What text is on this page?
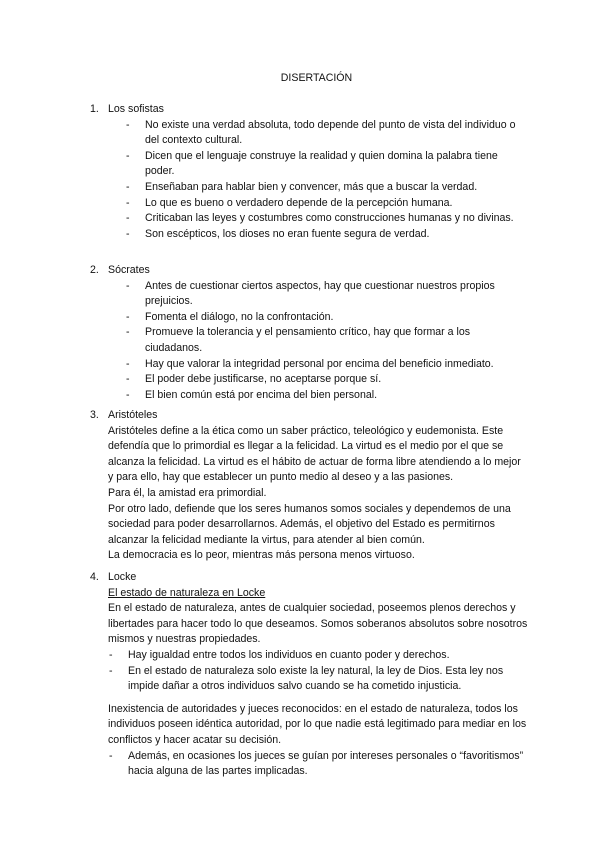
DISERTACIÓN
1. Los sofistas
- No existe una verdad absoluta, todo depende del punto de vista del individuo o del contexto cultural.
- Dicen que el lenguaje construye la realidad y quien domina la palabra tiene poder.
- Enseñaban para hablar bien y convencer, más que a buscar la verdad.
- Lo que es bueno o verdadero depende de la percepción humana.
- Criticaban las leyes y costumbres como construcciones humanas y no divinas.
- Son escépticos, los dioses no eran fuente segura de verdad.
2. Sócrates
- Antes de cuestionar ciertos aspectos, hay que cuestionar nuestros propios prejuicios.
- Fomenta el diálogo, no la confrontación.
- Promueve la tolerancia y el pensamiento crítico, hay que formar a los ciudadanos.
- Hay que valorar la integridad personal por encima del beneficio inmediato.
- El poder debe justificarse, no aceptarse porque sí.
- El bien común está por encima del bien personal.
3. Aristóteles

Aristóteles define a la ética como un saber práctico, teleológico y eudemonista. Este defendía que lo primordial es llegar a la felicidad. La virtud es el medio por el que se alcanza la felicidad. La virtud es el hábito de actuar de forma libre atendiendo a lo mejor y para ello, hay que establecer un punto medio al deseo y a las pasiones.

Para él, la amistad era primordial.

Por otro lado, defiende que los seres humanos somos sociales y dependemos de una sociedad para poder desarrollarnos. Además, el objetivo del Estado es permitirnos alcanzar la felicidad mediante la virtus, para atender al bien común.

La democracia es lo peor, mientras más persona menos virtuoso.

4. Locke
El estado de naturaleza en Locke

En el estado de naturaleza, antes de cualquier sociedad, poseemos plenos derechos y libertades para hacer todo lo que deseamos. Somos soberanos absolutos sobre nosotros mismos y nuestras propiedades.

- Hay igualdad entre todos los individuos en cuanto poder y derechos.
- En el estado de naturaleza solo existe la ley natural, la ley de Dios. Esta ley nos impide dañar a otros individuos salvo cuando se ha cometido injusticia.

Inexistencia de autoridades y jueces reconocidos: en el estado de naturaleza, todos los individuos poseen idéntica autoridad, por lo que nadie está legitimado para mediar en los conflictos y hacer acatar su decisión.

- Además, en ocasiones los jueces se guían por intereses personales o “favoritismos” hacia alguna de las partes implicadas.
